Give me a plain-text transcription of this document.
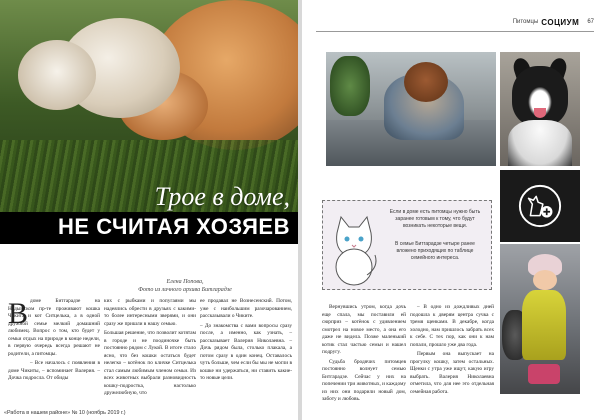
Трое в доме,
НЕ СЧИТАЯ ХОЗЯЕВ
Елена Попова,
Фото из личного архива Битгарадзе
В доме Битгарадзе на Надымском пр-те проживают кошка Чикита и кот Ситцелька, а в одной дружной семье мелкий домашний любимец. Вопрос о том, кто будет у семьи отдых на природе в конце недели, в первую очередь всегда решают не родители, а питомцы.

– Все началось с появления в доме Чикиты, – вспоминает Валерия. – Дочка подросла. От обиды

ких с рыбками и попугаями мы надеялись обрести в друзьях с какими-то более интересными зверями, и они сразу же пришли в нашу семью.

Большая решение, что позволит котятам в городе и не поодиночке быть постоянно рядом с Лукой. В итоге стало ясно, что без кошки остаться будет нелегко – котёнок по кличке Ситцелька стал самым любимым членом семьи. Из всех животных выбрали разновидность кошку-подростка, настолько дружелюбную, что

ее продавал не Вознесенский. Потом, уже с наибольшим разочарованием, рассказывали о Чиките.

– До знакомства с вами вопросы сразу после, а именно, как узнать, – рассказывает Валерия Николаевна. – Дочь рядом была, столько плакала, а потом сразу в один конец. Оставалось чуть больше, чем если бы мы не могли в кошке ни удержаться, ни ставить какие-то новые цели.

«Работа в нашем районе» № 10 (ноябрь 2019 г.)
Питомцы СОЦИУМ 67
Если в доме есть питомцы нужно быть заранее готовым к тому, что будут возникать некоторые вещи.
В семье Битгарадзе четыре ранее вложено приходящих по таблице семейного интереса.

Вернувшись утром, когда дочь еще спала, мы поставили ей сюрприз – котёнок с удивлением смотрел на новое место, а она его даже не видела. Позже маленький котик стал частью семьи и нашел подругу.

Судьба бродячих питомцев постоянно волнует семью Битгарадзе. Сейчас у них на попечении три животных, и каждому из них они подарили новый дом, заботу и любовь.

– В одно из дождливых дней подошла к дверям центра сучка с тремя щенками. В декабре, когда холодно, нам пришлось забрать всех к себе. С тех пор, как они к нам попали, прошло уже два года.

Первым она выпускает на прогулку кошку, затем остальных. Щенки с утра уже ищут, какую игру выбрать. Валерия Николаевна отметила, что для нее это отдельная семейная работа.
